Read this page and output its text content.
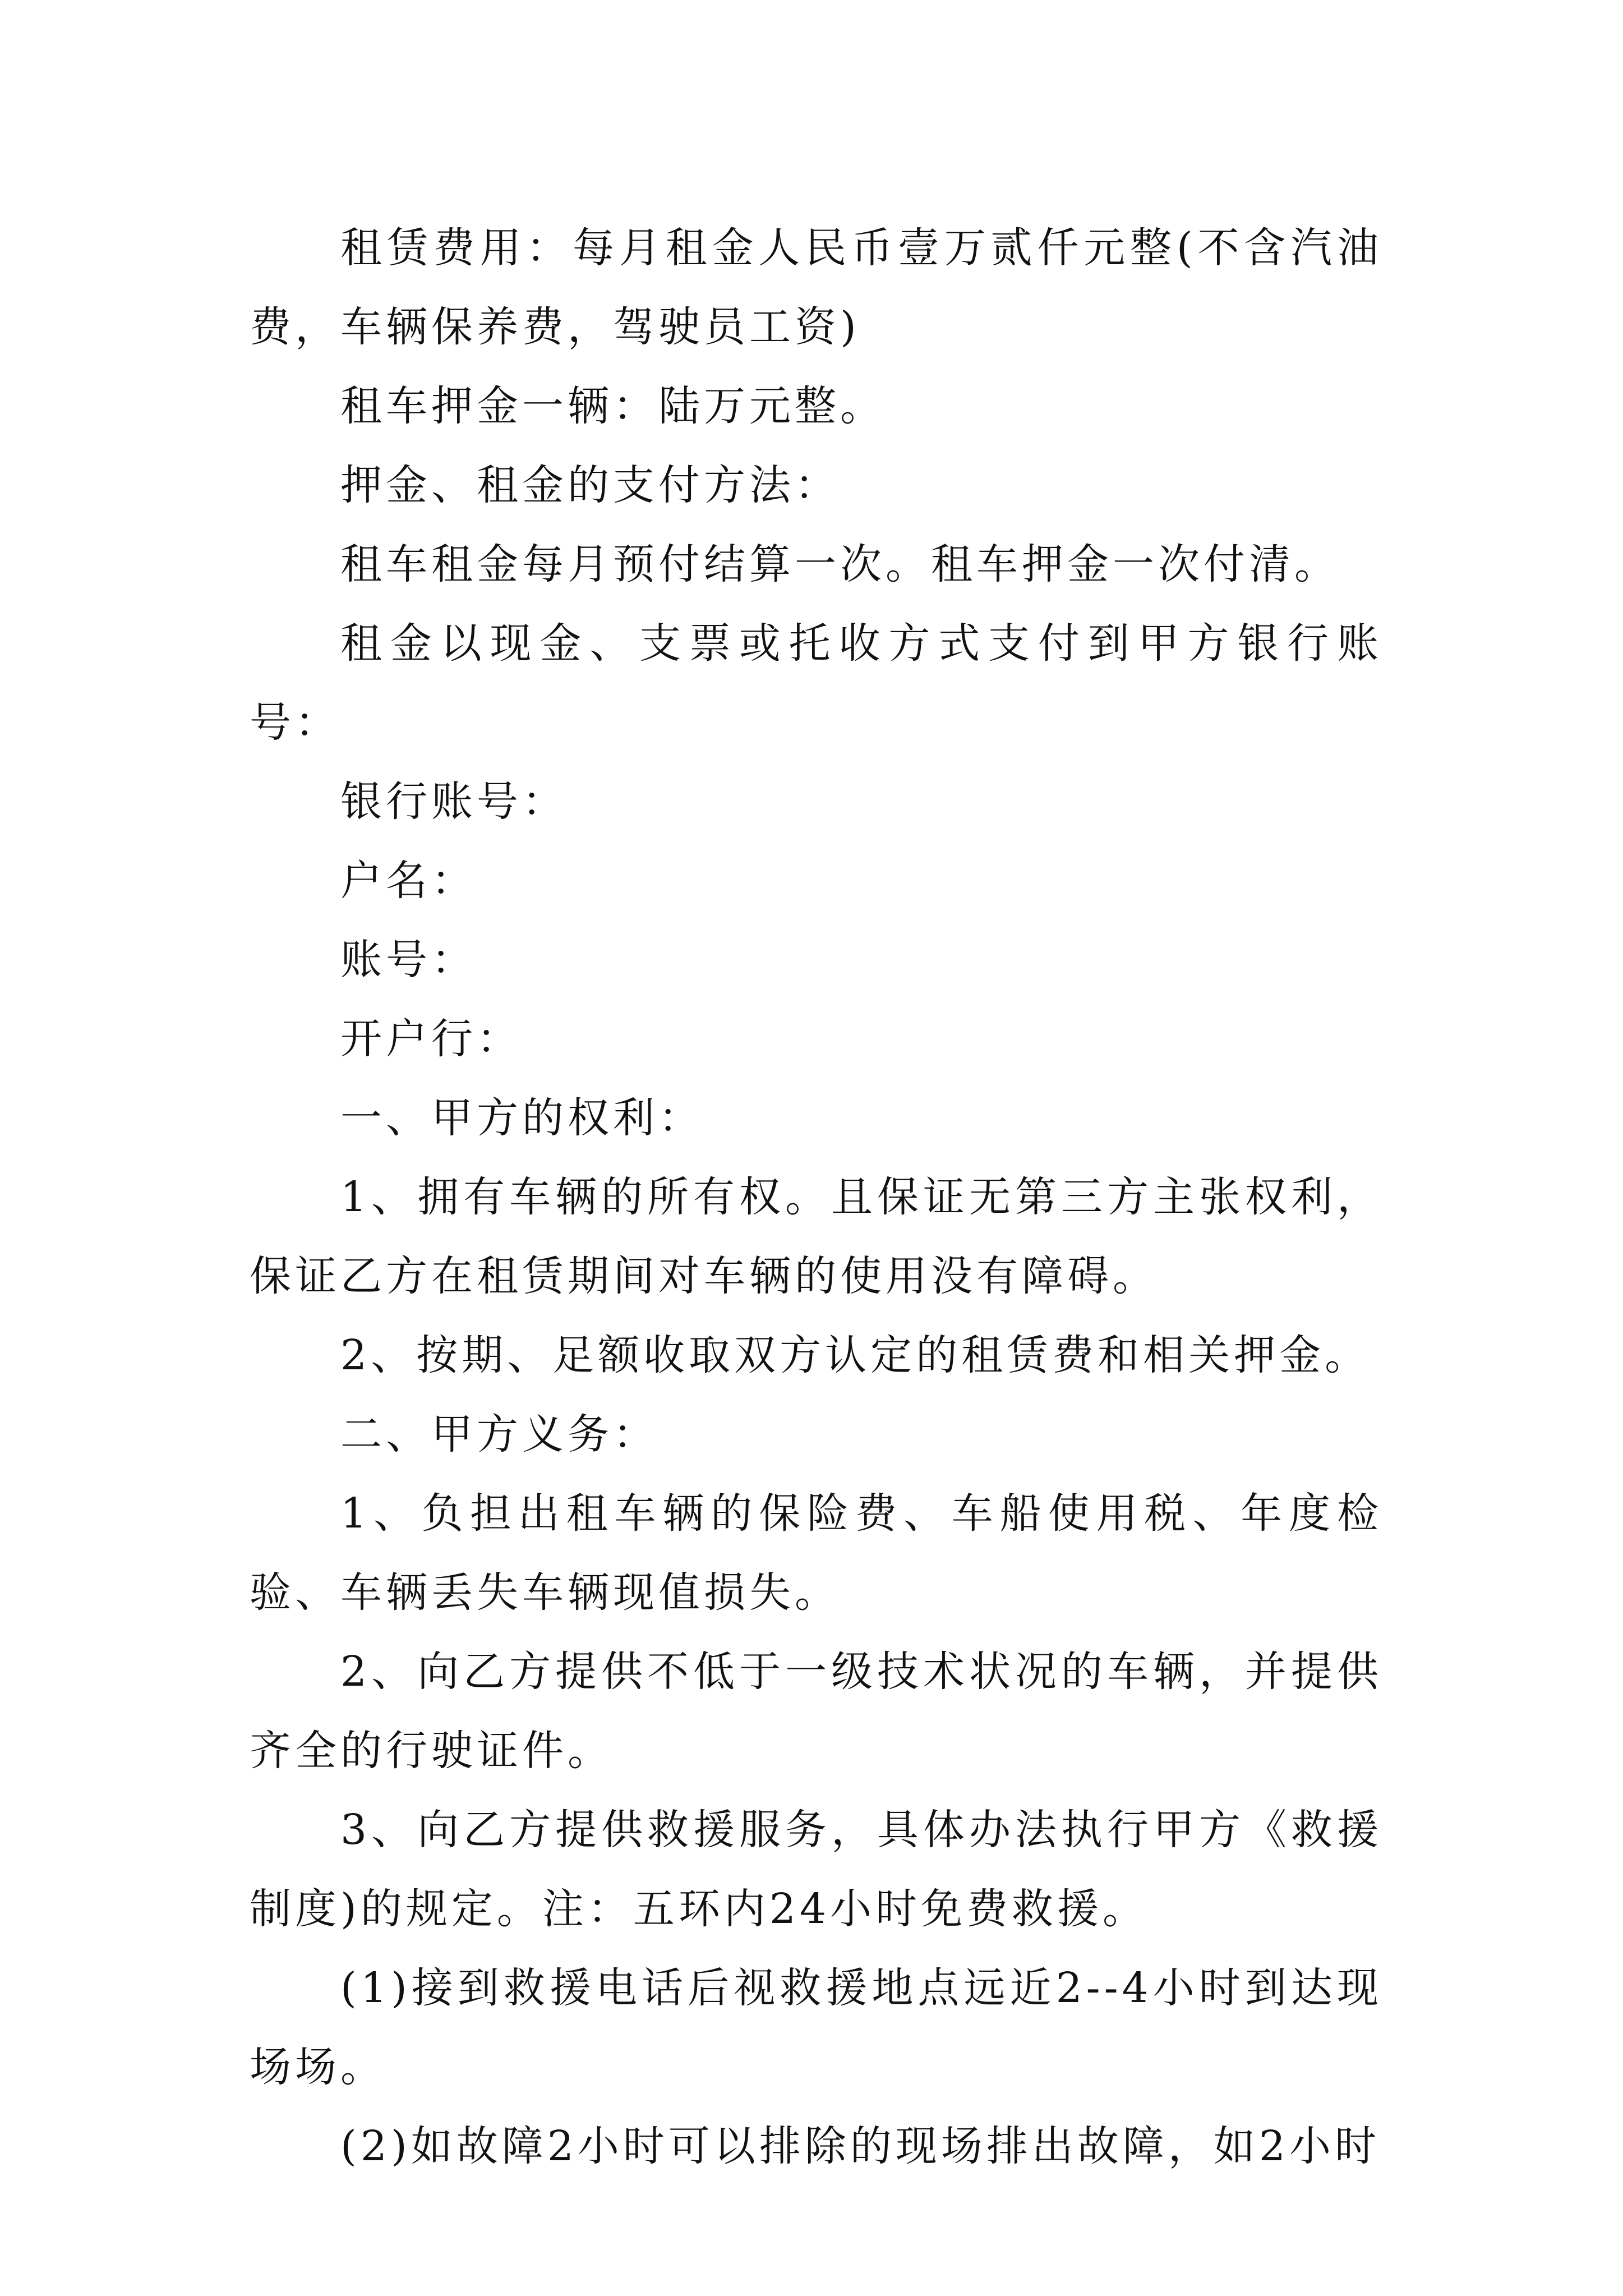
租赁费用：每月租金人民币壹万贰仟元整(不含汽油费，车辆保养费，驾驶员工资)

租车押金一辆：陆万元整。

押金、租金的支付方法：

租车租金每月预付结算一次。租车押金一次付清。

租金以现金、支票或托收方式支付到甲方银行账号：

银行账号：

户名：

账号：

开户行：

一、甲方的权利：

1、拥有车辆的所有权。且保证无第三方主张权利，保证乙方在租赁期间对车辆的使用没有障碍。

2、按期、足额收取双方认定的租赁费和相关押金。

二、甲方义务：

1、负担出租车辆的保险费、车船使用税、年度检验、车辆丢失车辆现值损失。

2、向乙方提供不低于一级技术状况的车辆，并提供齐全的行驶证件。

3、向乙方提供救援服务，具体办法执行甲方《救援制度)的规定。注：五环内24小时免费救援。

(1)接到救援电话后视救援地点远近2--4小时到达现场场。

(2)如故障2小时可以排除的现场排出故障，如2小时
